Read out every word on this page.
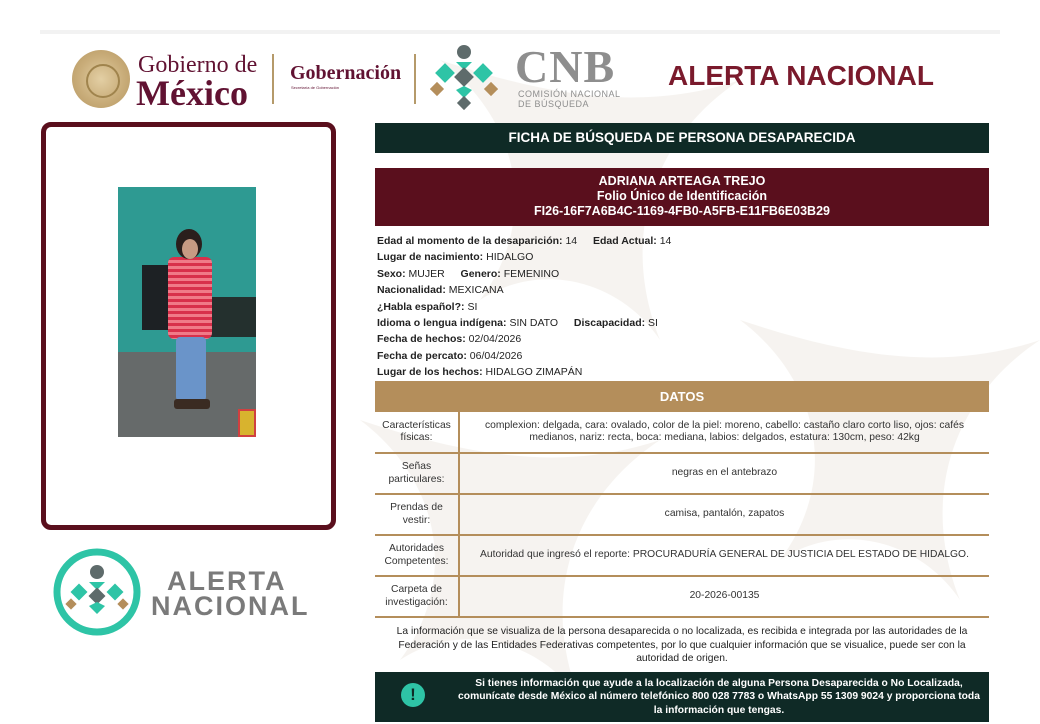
Gobierno de
México Gobernación
Secretaría de Gobernación	CNB
COMISIÓN NACIONAL
DE BÚSQUEDA
ALERTA NACIONAL
ALERTA
NACIONAL
FICHA DE BÚSQUEDA DE PERSONA DESAPARECIDA
ADRIANA ARTEAGA TREJO
Folio Único de Identificación
FI26-16F7A6B4C-1169-4FB0-A5FB-E11FB6E03B29
Edad al momento de la desaparición: 14 Edad Actual: 14
Lugar de nacimiento: HIDALGO
Sexo: MUJER Genero: FEMENINO
Nacionalidad: MEXICANA
¿Habla español?: SI
Idioma o lengua indígena: SIN DATO Discapacidad: SI
Fecha de hechos: 02/04/2026
Fecha de percato: 06/04/2026
Lugar de los hechos: HIDALGO ZIMAPÁN
DATOS
Características físicas:	complexion: delgada, cara: ovalado, color de la piel: moreno, cabello: castaño claro corto liso, ojos: cafés medianos, nariz: recta, boca: mediana, labios: delgados, estatura: 130cm, peso: 42kg
Señas particulares:	negras en el antebrazo
Prendas de vestir:	camisa, pantalón, zapatos
Autoridades Competentes:	Autoridad que ingresó el reporte: PROCURADURÍA GENERAL DE JUSTICIA DEL ESTADO DE HIDALGO.
Carpeta de investigación:	20-2026-00135
La información que se visualiza de la persona desaparecida o no localizada, es recibida e integrada por las autoridades de la Federación y de las Entidades Federativas competentes, por lo que cualquier información que se visualice, puede ser con la autoridad de origen.
!
Si tienes información que ayude a la localización de alguna Persona Desaparecida o No Localizada, comunícate desde México al número telefónico 800 028 7783 o WhatsApp 55 1309 9024 y proporciona toda la información que tengas.
